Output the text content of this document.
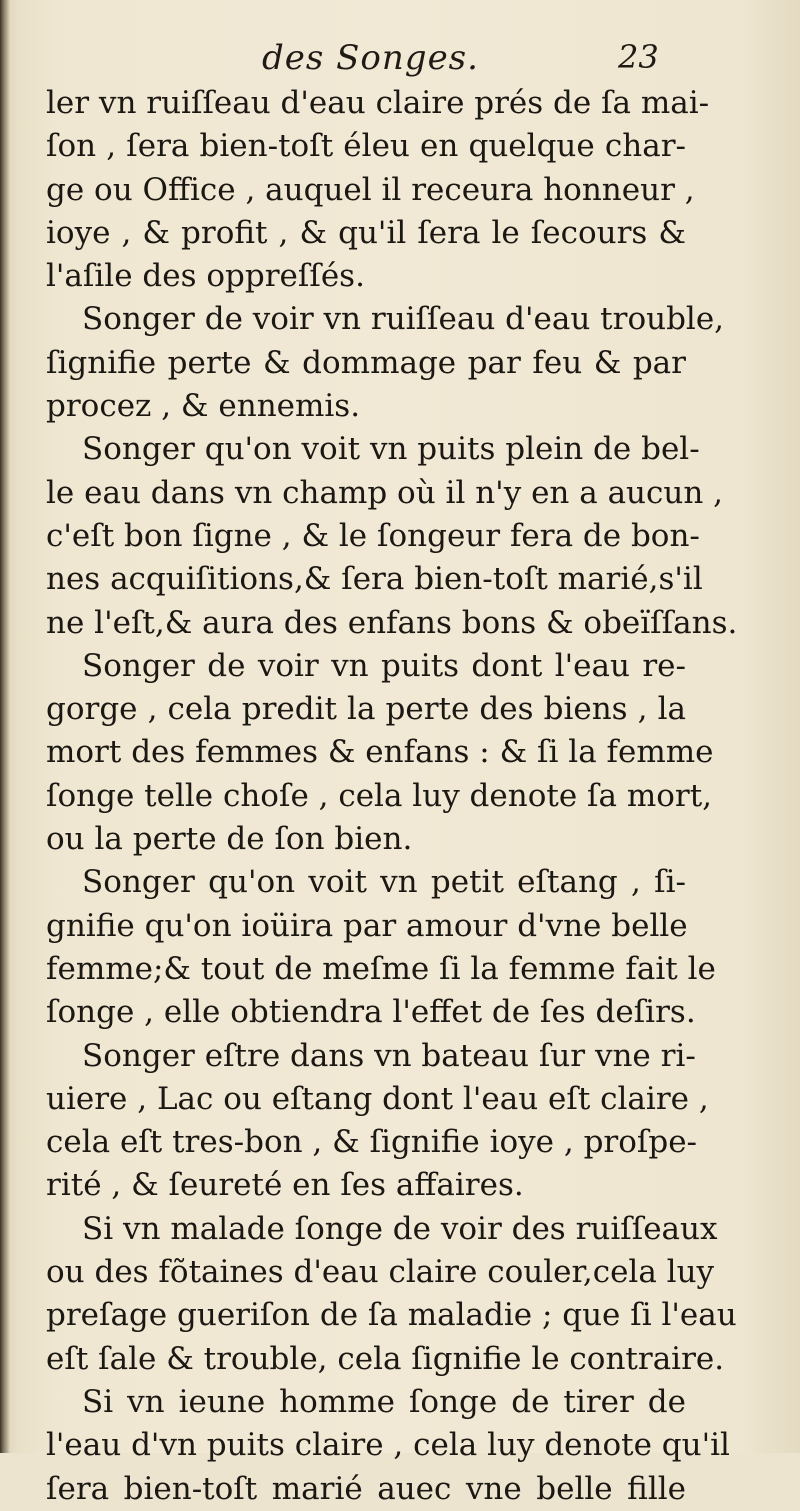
des Songes.	23
ler vn ruiſſeau d'eau claire prés de ſa mai-
ſon , ſera bien-toſt éleu en quelque char-
ge ou Office , auquel il receura honneur ,
ioye , & profit , & qu'il ſera le ſecours &
l'aſile des oppreſſés.
Songer de voir vn ruiſſeau d'eau trouble,
ſignifie perte & dommage par feu & par
procez , & ennemis.
Songer qu'on voit vn puits plein de bel-
le eau dans vn champ où il n'y en a aucun ,
c'eſt bon ſigne , & le ſongeur fera de bon-
nes acquiſitions,& ſera bien-toſt marié,s'il
ne l'eſt,& aura des enfans bons & obeïſſans.
Songer de voir vn puits dont l'eau re-
gorge , cela predit la perte des biens , la
mort des femmes & enfans : & ſi la femme
ſonge telle choſe , cela luy denote ſa mort,
ou la perte de ſon bien.
Songer qu'on voit vn petit eſtang , ſi-
gnifie qu'on ioüira par amour d'vne belle
femme;& tout de meſme ſi la femme fait le
ſonge , elle obtiendra l'effet de ſes deſirs.
Songer eſtre dans vn bateau ſur vne ri-
uiere , Lac ou eſtang dont l'eau eſt claire ,
cela eſt tres-bon , & ſignifie ioye , proſpe-
rité , & ſeureté en ſes affaires.
Si vn malade ſonge de voir des ruiſſeaux
ou des fõtaines d'eau claire couler,cela luy
preſage gueriſon de ſa maladie ; que ſi l'eau
eſt ſale & trouble, cela ſignifie le contraire.
Si vn ieune homme ſonge de tirer de
l'eau d'vn puits claire , cela luy denote qu'il
ſera bien-toſt marié auec vne belle fille
